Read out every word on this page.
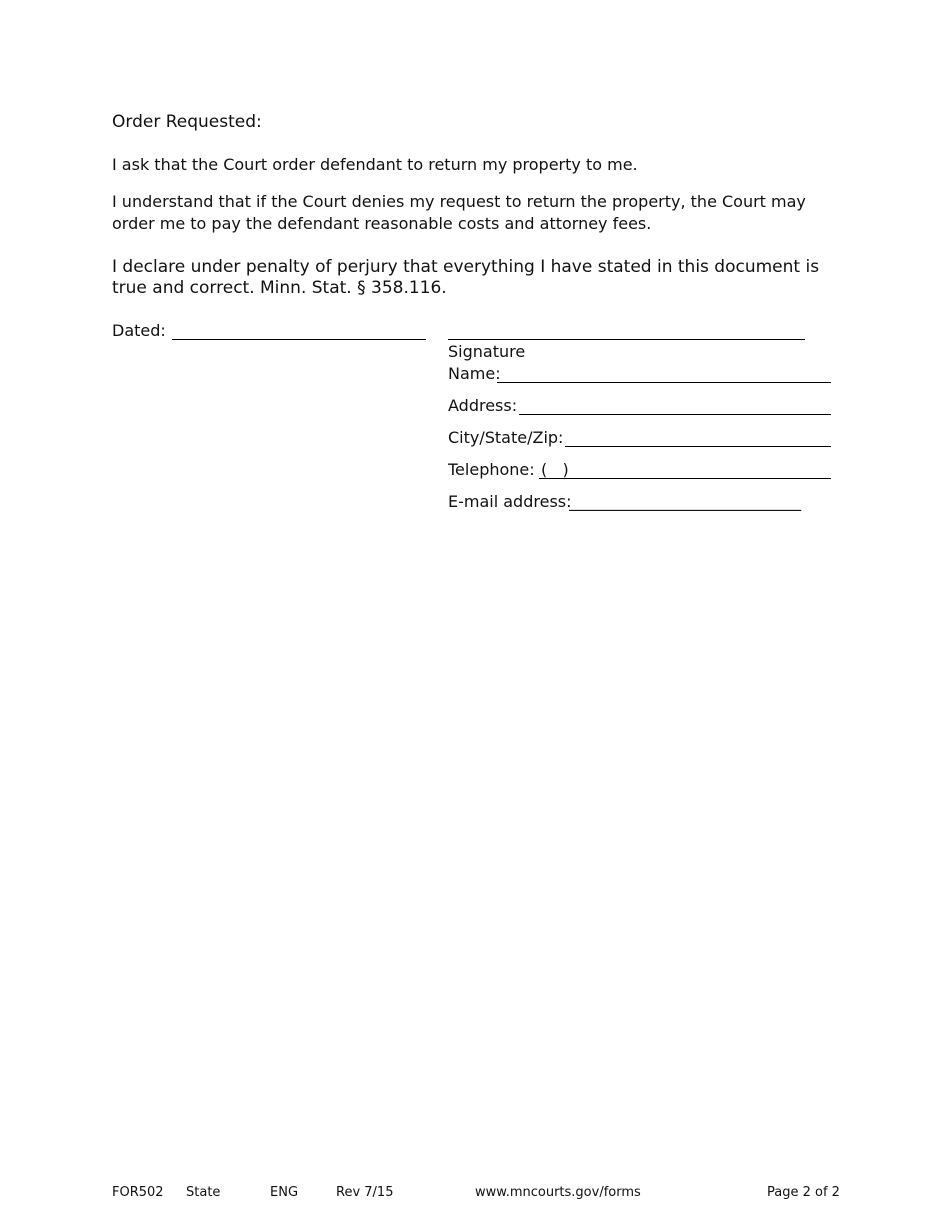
Order Requested:
I ask that the Court order defendant to return my property to me.
I understand that if the Court denies my request to return the property, the Court may order me to pay the defendant reasonable costs and attorney fees.
I declare under penalty of perjury that everything I have stated in this document is true and correct. Minn. Stat. § 358.116.
Dated:
Signature
Name:
Address:
City/State/Zip:
Telephone: (   )
E-mail address:
_____________________________
FOR502 State	ENG	Rev 7/15	www.mncourts.gov/forms	Page 2 of 2
